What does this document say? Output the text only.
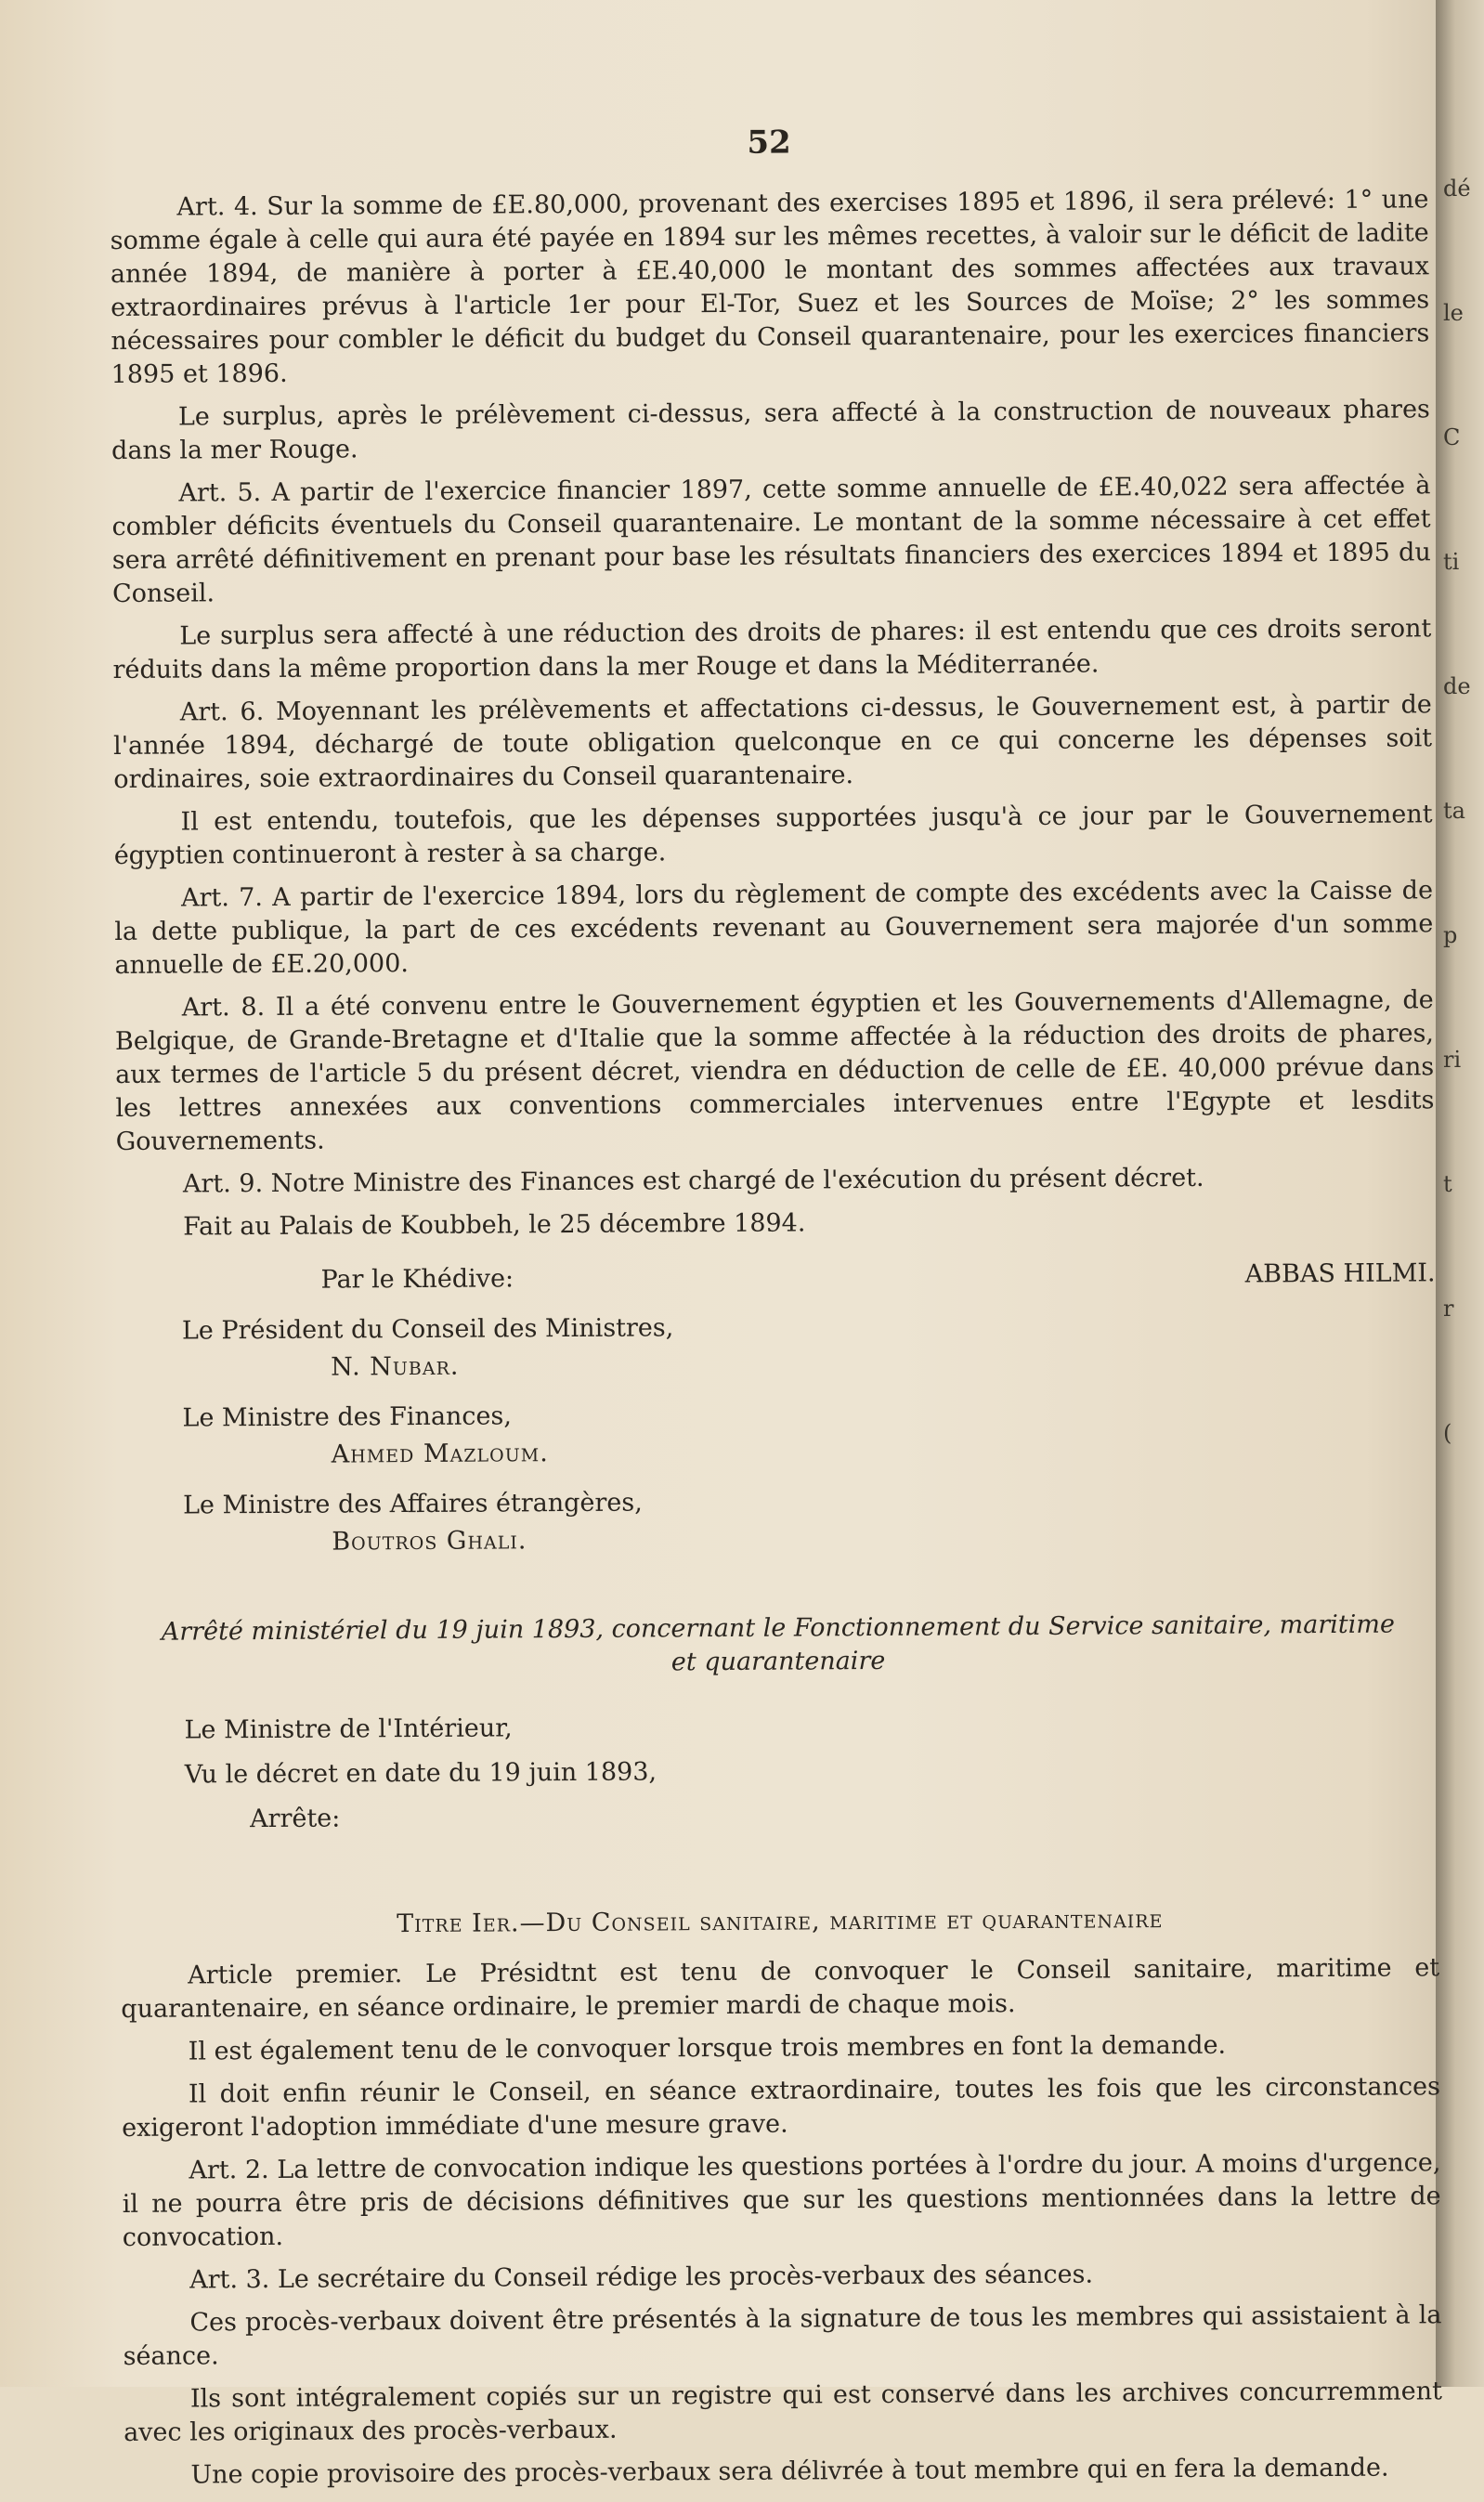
dé
le
C
ti
de
ta
p
ri
t
r
(
52

Art. 4. Sur la somme de £E.80,000, provenant des exercises 1895 et 1896, il sera prélevé: 1° une somme égale à celle qui aura été payée en 1894 sur les mêmes recettes, à valoir sur le déficit de ladite année 1894, de manière à porter à £E.40,000 le montant des sommes affectées aux travaux extraordinaires prévus à l'article 1er pour El-Tor, Suez et les Sources de Moïse; 2° les sommes nécessaires pour combler le déficit du budget du Conseil quarantenaire, pour les exercices financiers 1895 et 1896.

Le surplus, après le prélèvement ci-dessus, sera affecté à la construction de nouveaux phares dans la mer Rouge.

Art. 5. A partir de l'exercice financier 1897, cette somme annuelle de £E.40,022 sera affectée à combler déficits éventuels du Conseil quarantenaire. Le montant de la somme nécessaire à cet effet sera arrêté définitivement en prenant pour base les résultats financiers des exercices 1894 et 1895 du Conseil.

Le surplus sera affecté à une réduction des droits de phares: il est entendu que ces droits seront réduits dans la même proportion dans la mer Rouge et dans la Méditerranée.

Art. 6. Moyennant les prélèvements et affectations ci-dessus, le Gouvernement est, à partir de l'année 1894, déchargé de toute obligation quelconque en ce qui concerne les dépenses soit ordinaires, soie extraordinaires du Conseil quarantenaire.

Il est entendu, toutefois, que les dépenses supportées jusqu'à ce jour par le Gouvernement égyptien continueront à rester à sa charge.

Art. 7. A partir de l'exercice 1894, lors du règlement de compte des excédents avec la Caisse de la dette publique, la part de ces excédents revenant au Gouvernement sera majorée d'un somme annuelle de £E.20,000.

Art. 8. Il a été convenu entre le Gouvernement égyptien et les Gouvernements d'Allemagne, de Belgique, de Grande-Bretagne et d'Italie que la somme affectée à la réduction des droits de phares, aux termes de l'article 5 du présent décret, viendra en déduction de celle de £E. 40,000 prévue dans les lettres annexées aux conventions commerciales intervenues entre l'Egypte et lesdits Gouvernements.

Art. 9. Notre Ministre des Finances est chargé de l'exécution du présent décret.

Fait au Palais de Koubbeh, le 25 décembre 1894.

Par le Khédive:	ABBAS HILMI.
Le Président du Conseil des Ministres,
N. Nubar.
Le Ministre des Finances,
Ahmed Mazloum.
Le Ministre des Affaires étrangères,
Boutros Ghali.
Arrêté ministériel du 19 juin 1893, concernant le Fonctionnement du Service sanitaire, maritime et quarantenaire
Le Ministre de l'Intérieur,
Vu le décret en date du 19 juin 1893,
Arrête:
Titre Ier.—Du Conseil sanitaire, maritime et quarantenaire

Article premier. Le Présidtnt est tenu de convoquer le Conseil sanitaire, maritime et quarantenaire, en séance ordinaire, le premier mardi de chaque mois.

Il est également tenu de le convoquer lorsque trois membres en font la demande.

Il doit enfin réunir le Conseil, en séance extraordinaire, toutes les fois que les circonstances exigeront l'adoption immédiate d'une mesure grave.

Art. 2. La lettre de convocation indique les questions portées à l'ordre du jour. A moins d'urgence, il ne pourra être pris de décisions définitives que sur les questions mentionnées dans la lettre de convocation.

Art. 3. Le secrétaire du Conseil rédige les procès-verbaux des séances.

Ces procès-verbaux doivent être présentés à la signature de tous les membres qui assistaient à la séance.

Ils sont intégralement copiés sur un registre qui est conservé dans les archives concurremment avec les originaux des procès-verbaux.

Une copie provisoire des procès-verbaux sera délivrée à tout membre qui en fera la demande.
